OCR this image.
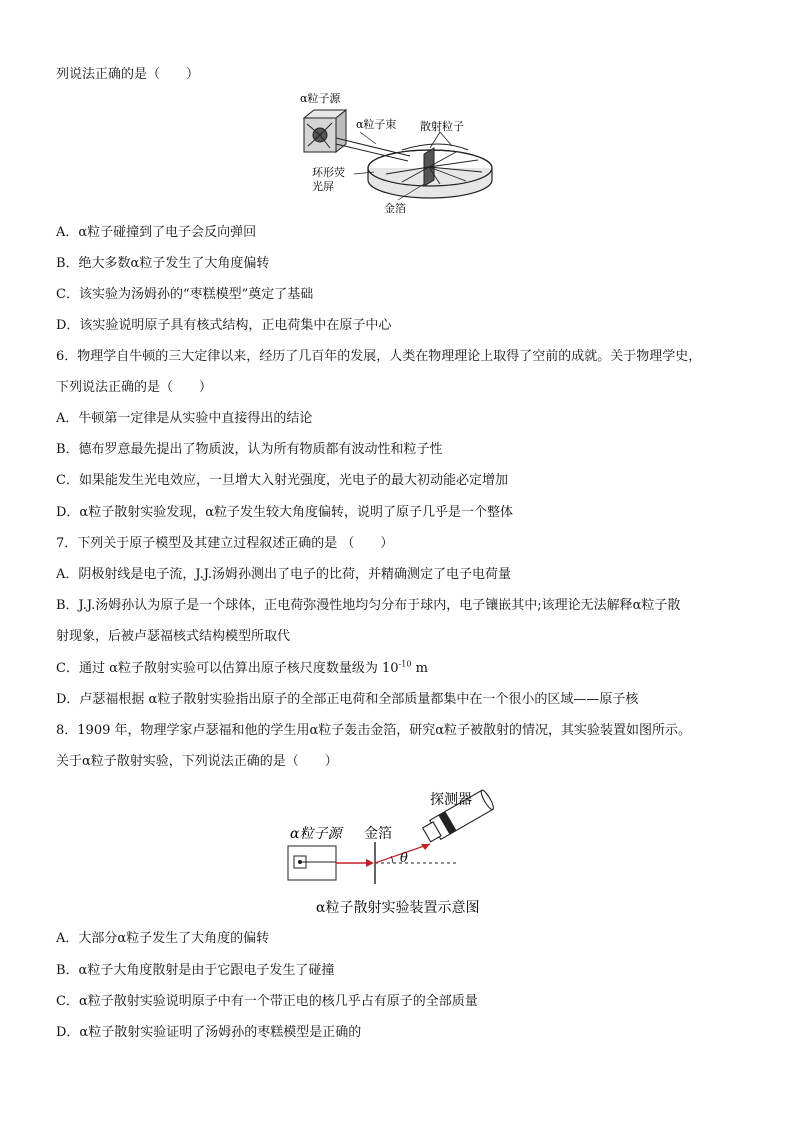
列说法正确的是（　　）
α粒子源
α粒子束 散射粒子
环形荧
光屏
金箔
A．α粒子碰撞到了电子会反向弹回
B．绝大多数α粒子发生了大角度偏转
C．该实验为汤姆孙的“枣糕模型”奠定了基础
D．该实验说明原子具有核式结构，正电荷集中在原子中心
6．物理学自牛顿的三大定律以来，经历了几百年的发展，人类在物理理论上取得了空前的成就。关于物理学史，
下列说法正确的是（　　）
A．牛顿第一定律是从实验中直接得出的结论
B．德布罗意最先提出了物质波，认为所有物质都有波动性和粒子性
C．如果能发生光电效应，一旦增大入射光强度，光电子的最大初动能必定增加
D．α粒子散射实验发现，α粒子发生较大角度偏转，说明了原子几乎是一个整体
7．下列关于原子模型及其建立过程叙述正确的是 （　　）
A．阴极射线是电子流，J.J.汤姆孙测出了电子的比荷，并精确测定了电子电荷量
B．J.J.汤姆孙认为原子是一个球体，正电荷弥漫性地均匀分布于球内，电子镶嵌其中;该理论无法解释α粒子散
射现象，后被卢瑟福核式结构模型所取代
C．通过 α粒子散射实验可以估算出原子核尺度数量级为 $10^{-10}$ m
D．卢瑟福根据 α粒子散射实验指出原子的全部正电荷和全部质量都集中在一个很小的区域——原子核
8．1909 年，物理学家卢瑟福和他的学生用α粒子轰击金箔，研究α粒子被散射的情况，其实验装置如图所示。
关于α粒子散射实验，下列说法正确的是（　　）
α粒子源 金箔
探测器
θ
α粒子散射实验装置示意图
A．大部分α粒子发生了大角度的偏转
B．α粒子大角度散射是由于它跟电子发生了碰撞
C．α粒子散射实验说明原子中有一个带正电的核几乎占有原子的全部质量
D．α粒子散射实验证明了汤姆孙的枣糕模型是正确的
